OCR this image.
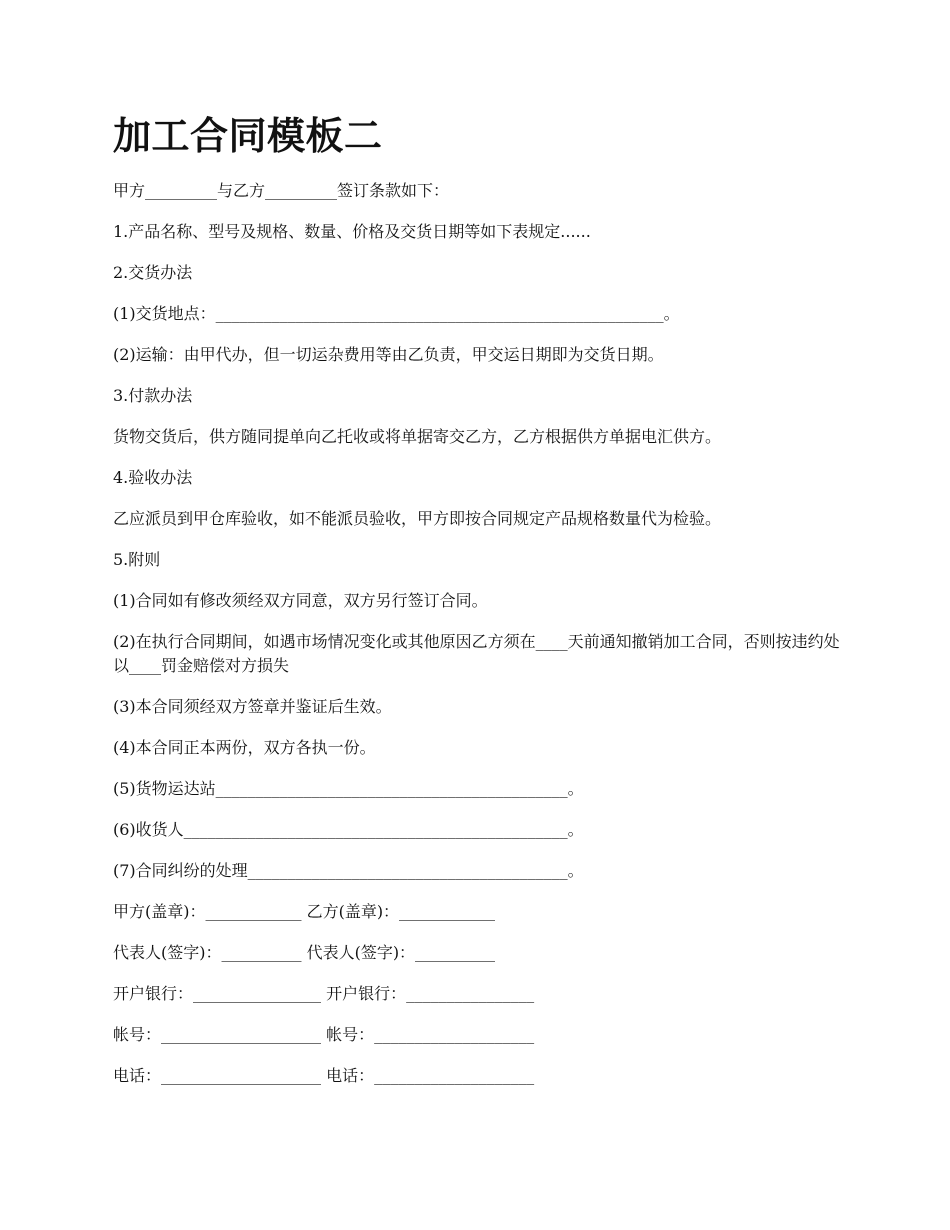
加工合同模板二
甲方_________与乙方_________签订条款如下：
1.产品名称、型号及规格、数量、价格及交货日期等如下表规定......
2.交货办法
(1)交货地点：________________________________________________________。
(2)运输：由甲代办，但一切运杂费用等由乙负责，甲交运日期即为交货日期。
3.付款办法
货物交货后，供方随同提单向乙托收或将单据寄交乙方，乙方根据供方单据电汇供方。
4.验收办法
乙应派员到甲仓库验收，如不能派员验收，甲方即按合同规定产品规格数量代为检验。
5.附则
(1)合同如有修改须经双方同意，双方另行签订合同。
(2)在执行合同期间，如遇市场情况变化或其他原因乙方须在____天前通知撤销加工合同，否则按违约处以____罚金赔偿对方损失
(3)本合同须经双方签章并鉴证后生效。
(4)本合同正本两份，双方各执一份。
(5)货物运达站____________________________________________。
(6)收货人________________________________________________。
(7)合同纠纷的处理________________________________________。
甲方(盖章)：____________ 乙方(盖章)：____________
代表人(签字)：__________ 代表人(签字)：__________
开户银行：________________ 开户银行：________________
帐号：____________________ 帐号：____________________
电话：____________________ 电话：____________________
